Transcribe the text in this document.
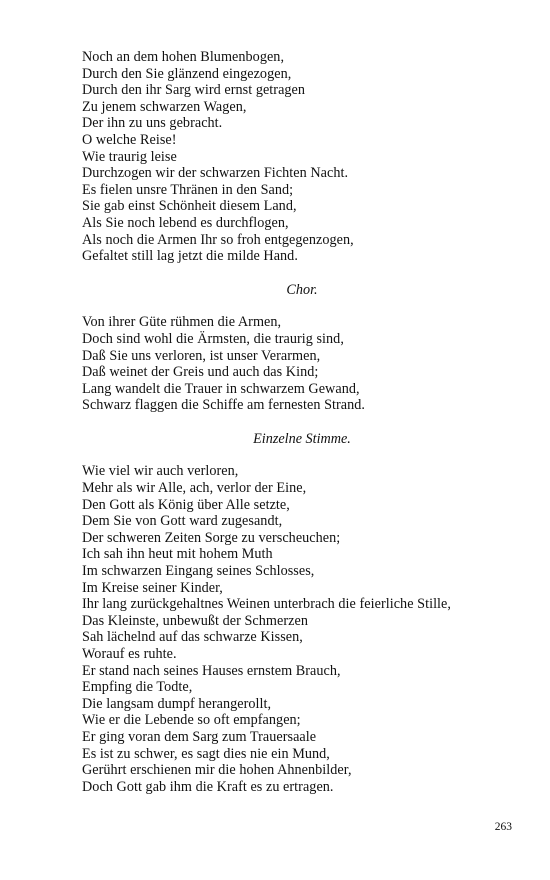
Noch an dem hohen Blumenbogen,
Durch den Sie glänzend eingezogen,
Durch den ihr Sarg wird ernst getragen
Zu jenem schwarzen Wagen,
Der ihn zu uns gebracht.
O welche Reise!
Wie traurig leise
Durchzogen wir der schwarzen Fichten Nacht.
Es fielen unsre Thränen in den Sand;
Sie gab einst Schönheit diesem Land,
Als Sie noch lebend es durchflogen,
Als noch die Armen Ihr so froh entgegenzogen,
Gefaltet still lag jetzt die milde Hand.
Chor.
Von ihrer Güte rühmen die Armen,
Doch sind wohl die Ärmsten, die traurig sind,
Daß Sie uns verloren, ist unser Verarmen,
Daß weinet der Greis und auch das Kind;
Lang wandelt die Trauer in schwarzem Gewand,
Schwarz flaggen die Schiffe am fernesten Strand.
Einzelne Stimme.
Wie viel wir auch verloren,
Mehr als wir Alle, ach, verlor der Eine,
Den Gott als König über Alle setzte,
Dem Sie von Gott ward zugesandt,
Der schweren Zeiten Sorge zu verscheuchen;
Ich sah ihn heut mit hohem Muth
Im schwarzen Eingang seines Schlosses,
Im Kreise seiner Kinder,
Ihr lang zurückgehaltnes Weinen unterbrach die feierliche Stille,
Das Kleinste, unbewußt der Schmerzen
Sah lächelnd auf das schwarze Kissen,
Worauf es ruhte.
Er stand nach seines Hauses ernstem Brauch,
Empfing die Todte,
Die langsam dumpf herangerollt,
Wie er die Lebende so oft empfangen;
Er ging voran dem Sarg zum Trauersaale
Es ist zu schwer, es sagt dies nie ein Mund,
Gerührt erschienen mir die hohen Ahnenbilder,
Doch Gott gab ihm die Kraft es zu ertragen.
263
